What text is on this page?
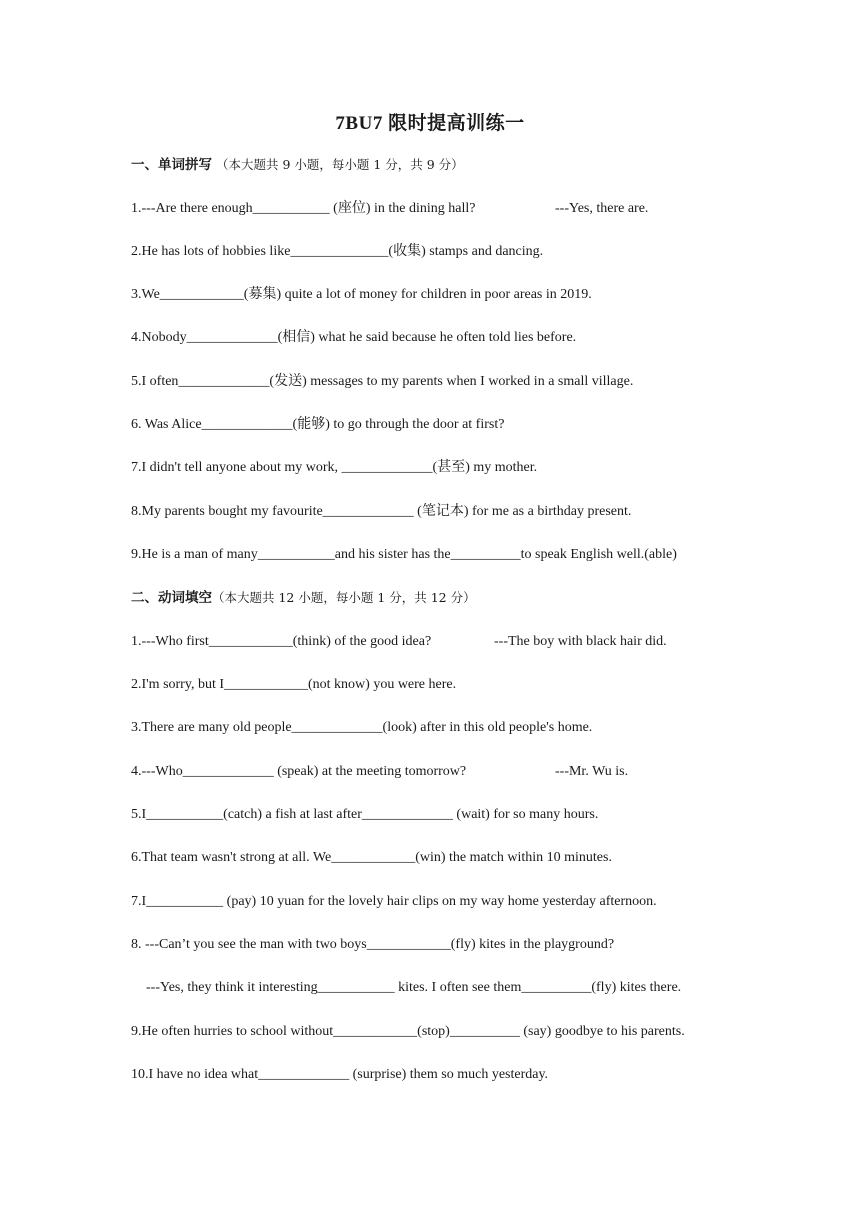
7BU7 限时提高训练一
一、单词拼写 （本大题共 9 小题，每小题 1 分，共 9 分）
1.---Are there enough___________ (座位) in the dining hall?	---Yes, there are.
2.He has lots of hobbies like______________(收集) stamps and dancing.
3.We____________(募集) quite a lot of money for children in poor areas in 2019.
4.Nobody_____________(相信) what he said because he often told lies before.
5.I often_____________(发送) messages to my parents when I worked in a small village.
6. Was Alice_____________(能够) to go through the door at first?
7.I didn't tell anyone about my work, _____________(甚至) my mother.
8.My parents bought my favourite_____________ (笔记本) for me as a birthday present.
9.He is a man of many___________and his sister has the__________to speak English well.(able)
二、动词填空（本大题共 12 小题，每小题 1 分，共 12 分）
1.---Who first____________(think) of the good idea?	---The boy with black hair did.
2.I'm sorry, but I____________(not know) you were here.
3.There are many old people_____________(look) after in this old people's home.
4.---Who_____________ (speak) at the meeting tomorrow?	---Mr. Wu is.
5.I___________(catch) a fish at last after_____________ (wait) for so many hours.
6.That team wasn't strong at all. We____________(win) the match within 10 minutes.
7.I___________ (pay) 10 yuan for the lovely hair clips on my way home yesterday afternoon.
8. ---Can’t you see the man with two boys____________(fly) kites in the playground?
---Yes, they think it interesting___________ kites. I often see them__________(fly) kites there.
9.He often hurries to school without____________(stop)__________ (say) goodbye to his parents.
10.I have no idea what_____________ (surprise) them so much yesterday.
